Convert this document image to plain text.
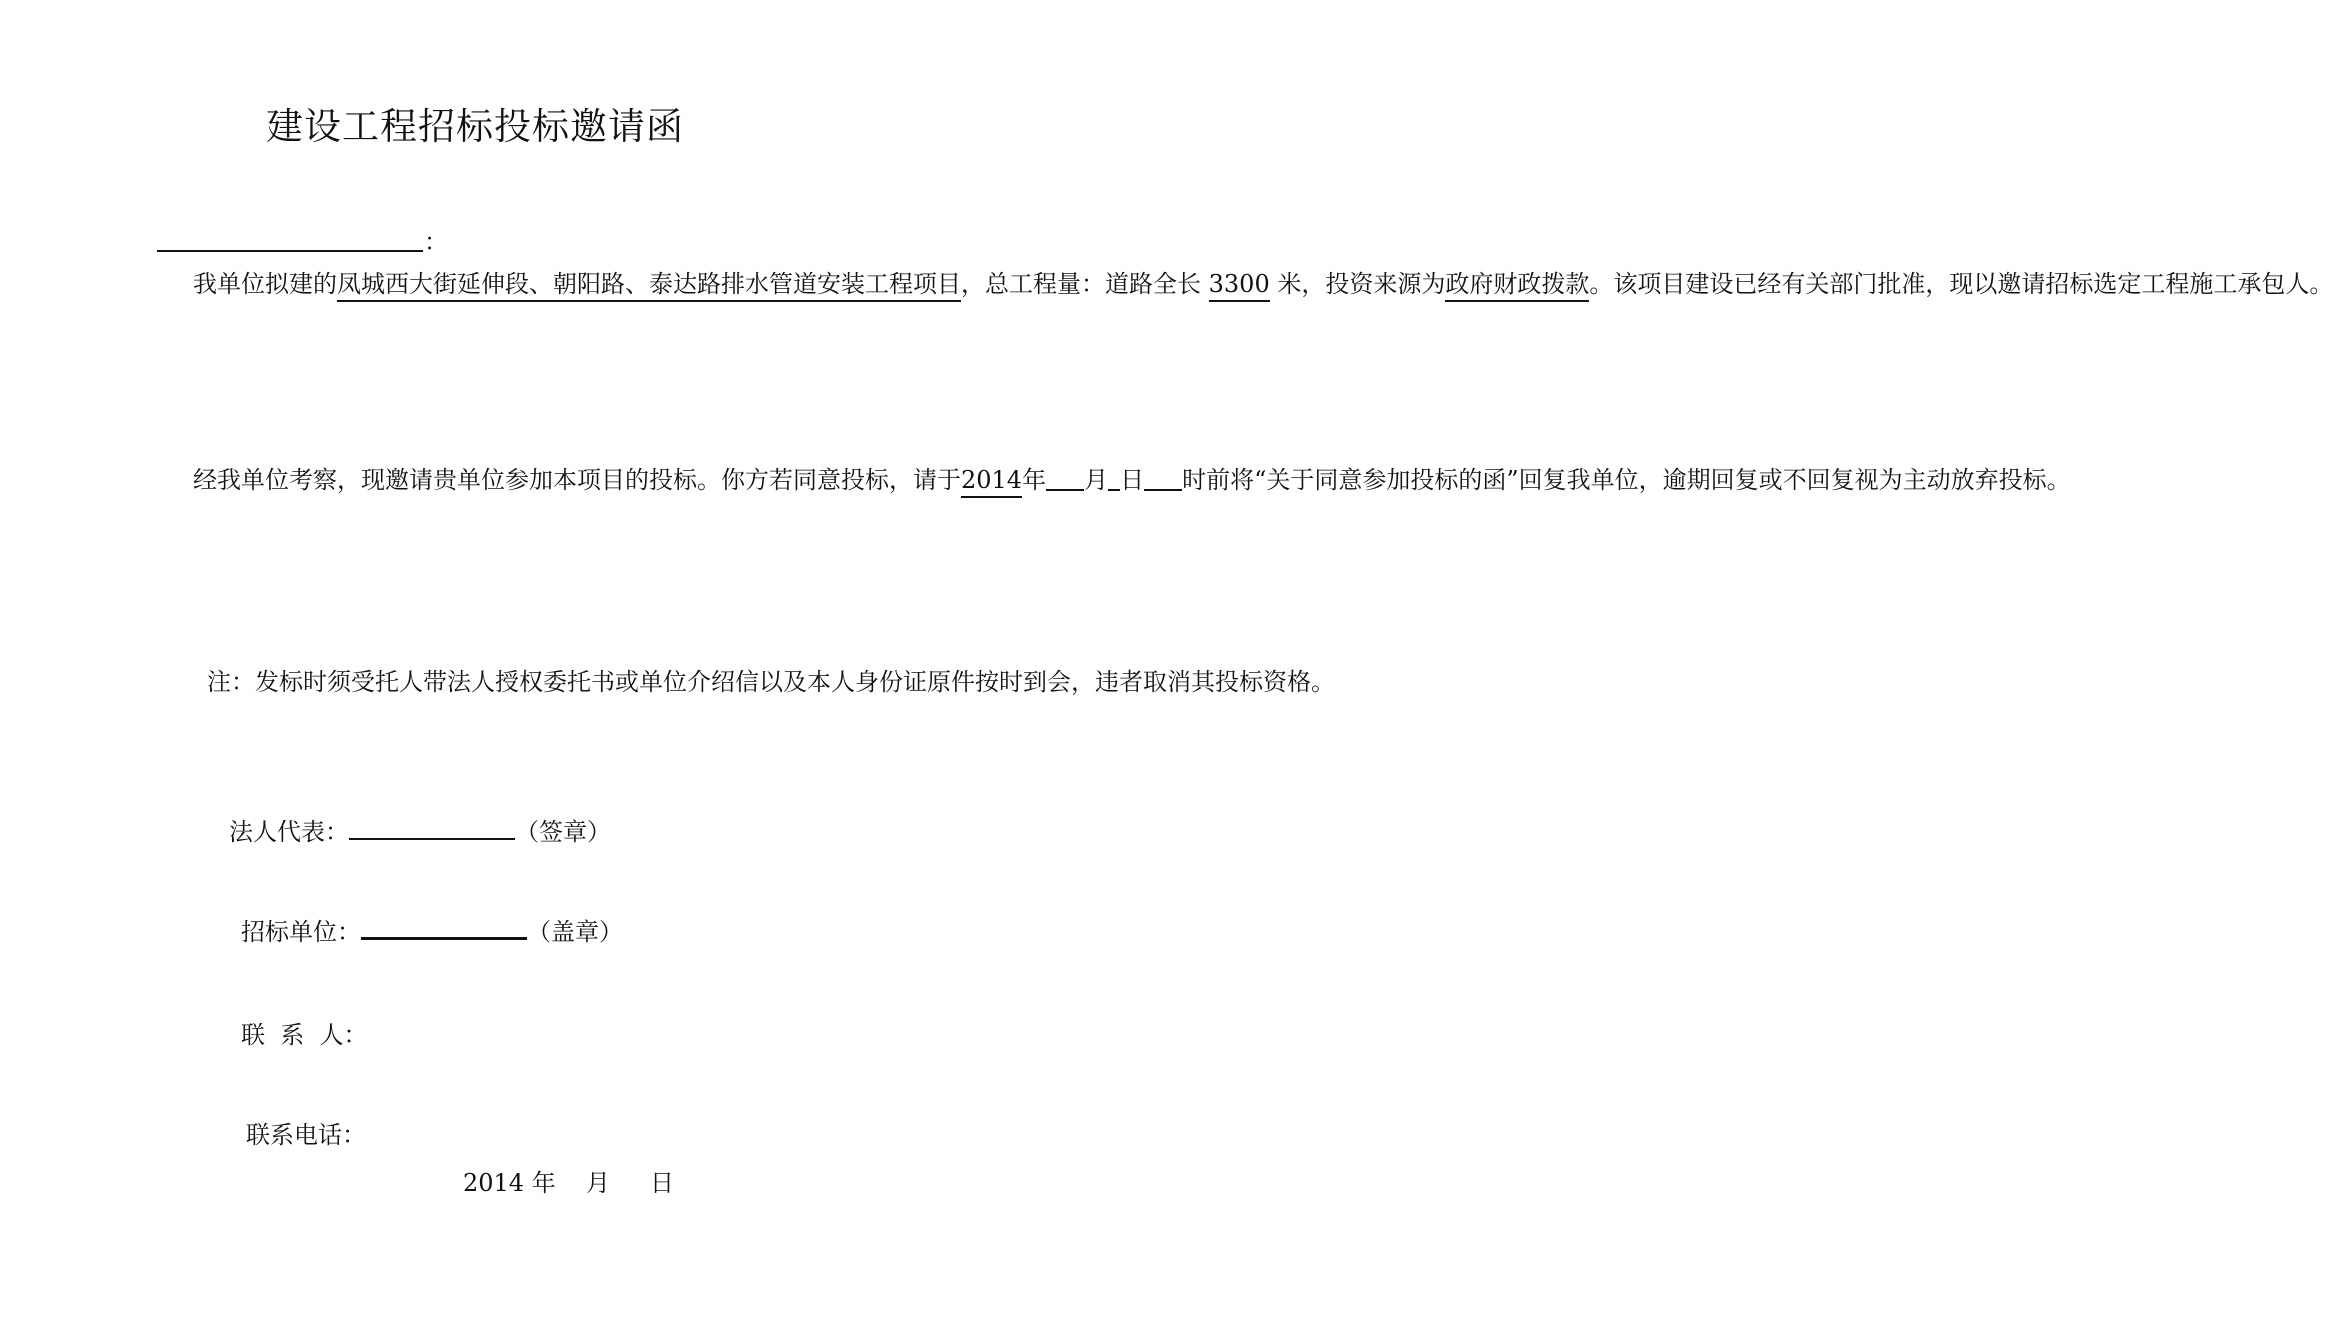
建设工程招标投标邀请函
：
我单位拟建的凤城西大街延伸段、朝阳路、泰达路排水管道安装工程项目，总工程量：道路全长 3300 米，投资来源为政府财政拨款。该项目建设已经有关部门批准，现以邀请招标选定工程施工承包人。
经我单位考察，现邀请贵单位参加本项目的投标。你方若同意投标，请于2014年 月 日 时前将“关于同意参加投标的函”回复我单位，逾期回复或不回复视为主动放弃投标。
注：发标时须受托人带法人授权委托书或单位介绍信以及本人身份证原件按时到会，违者取消其投标资格。
法人代表：	（签章）
招标单位：	（盖章）
联  系  人：
联系电话：
2014 年 月 日
